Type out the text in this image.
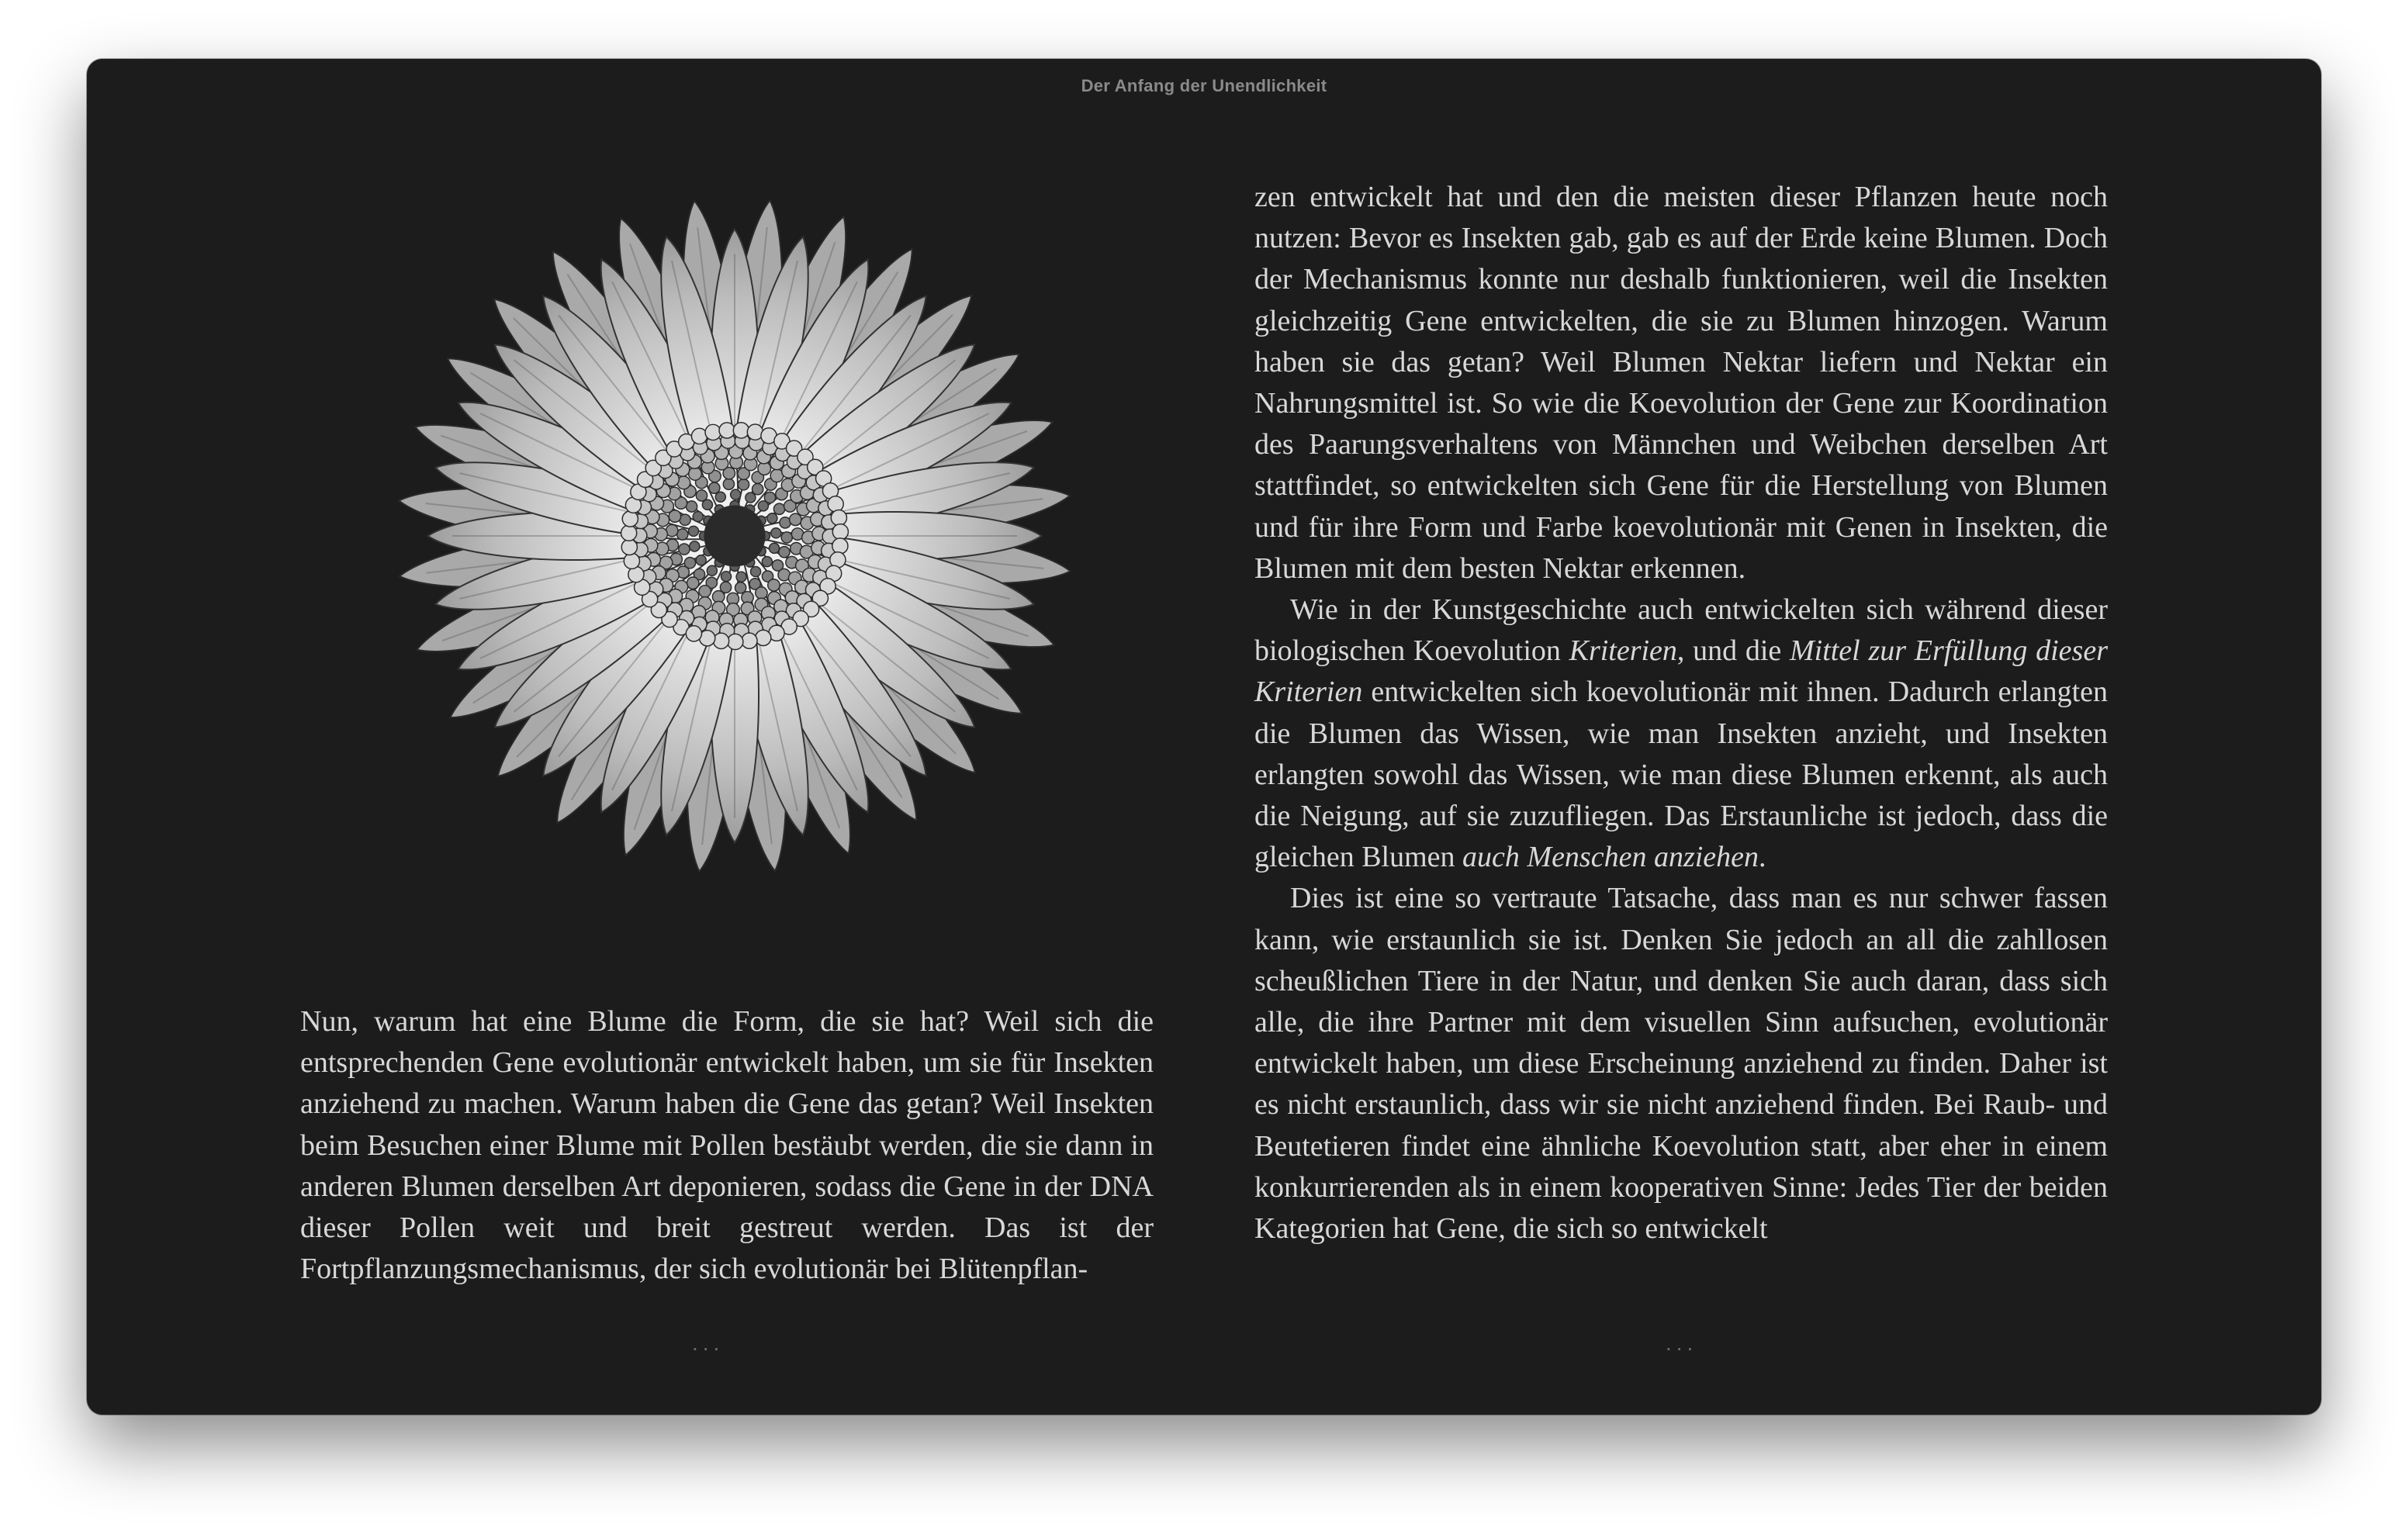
Der Anfang der Unendlichkeit

Nun, warum hat eine Blume die Form, die sie hat? Weil sich die entsprechenden Gene evolutionär entwickelt haben, um sie für Insekten anziehend zu machen. Warum haben die Gene das getan? Weil Insekten beim Besuchen einer Blume mit Pollen bestäubt werden, die sie dann in anderen Blumen derselben Art deponieren, sodass die Gene in der DNA dieser Pollen weit und breit gestreut werden. Das ist der Fortpflanzungsmechanismus, der sich evolutionär bei Blütenpflan-

zen entwickelt hat und den die meisten dieser Pflanzen heute noch nutzen: Bevor es Insekten gab, gab es auf der Erde keine Blumen. Doch der Mechanismus konnte nur deshalb funktionieren, weil die Insekten gleichzeitig Gene entwickelten, die sie zu Blumen hinzogen. Warum haben sie das getan? Weil Blumen Nektar liefern und Nektar ein Nahrungsmittel ist. So wie die Koevolution der Gene zur Koordination des Paarungsverhaltens von Männchen und Weibchen derselben Art stattfindet, so entwickelten sich Gene für die Herstellung von Blumen und für ihre Form und Farbe koevolutionär mit Genen in Insekten, die Blumen mit dem besten Nektar erkennen.

Wie in der Kunstgeschichte auch entwickelten sich während dieser biologischen Koevolution Kriterien, und die Mittel zur Erfüllung dieser Kriterien entwickelten sich koevolutionär mit ihnen. Dadurch erlangten die Blumen das Wissen, wie man Insekten anzieht, und Insekten erlangten sowohl das Wissen, wie man diese Blumen erkennt, als auch die Neigung, auf sie zuzufliegen. Das Erstaunliche ist jedoch, dass die gleichen Blumen auch Menschen anziehen.

Dies ist eine so vertraute Tatsache, dass man es nur schwer fassen kann, wie erstaunlich sie ist. Denken Sie jedoch an all die zahllosen scheußlichen Tiere in der Natur, und denken Sie auch daran, dass sich alle, die ihre Partner mit dem visuellen Sinn aufsuchen, evolutionär entwickelt haben, um diese Erscheinung anziehend zu finden. Daher ist es nicht erstaunlich, dass wir sie nicht anziehend finden. Bei Raub- und Beutetieren findet eine ähnliche Koevolution statt, aber eher in einem konkurrierenden als in einem kooperativen Sinne: Jedes Tier der beiden Kategorien hat Gene, die sich so entwickelt

...	...
